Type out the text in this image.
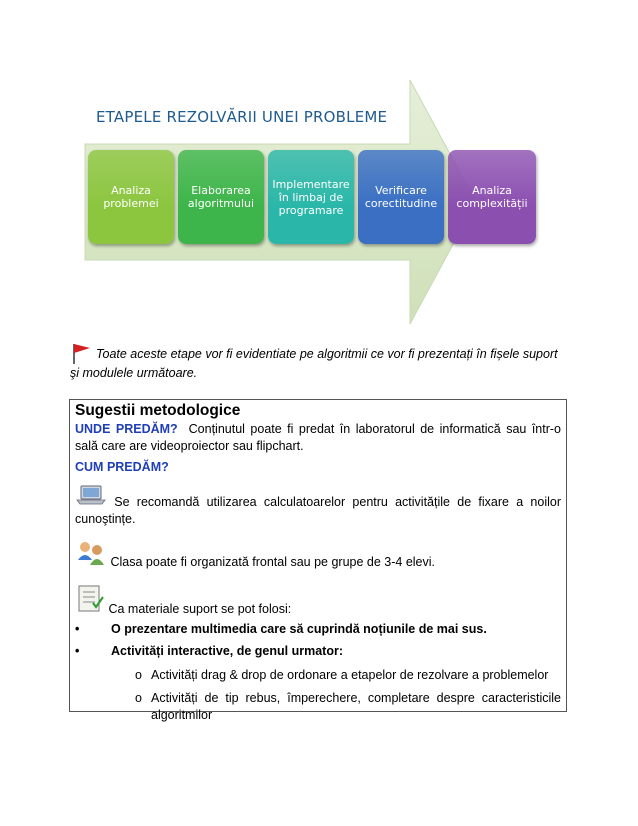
ETAPELE REZOLVĂRII UNEI PROBLEME
Analiza problemei
Elaborarea algoritmului
Implementare în limbaj de programare
Verificare corectitudine
Analiza complexității
Toate aceste etape vor fi evidentiate pe algoritmii ce vor fi prezentați în fișele suport şi modulele următoare.
Sugestii metodologice
UNDE PREDĂM? Conținutul poate fi predat în laboratorul de informatică sau într-o sală care are videoproiector sau flipchart.
CUM PREDĂM?
Se recomandă utilizarea calculatoarelor pentru activitățile de fixare a noilor cunoştințe.
Clasa poate fi organizată frontal sau pe grupe de 3-4 elevi.
Ca materiale suport se pot folosi:
• O prezentare multimedia care să cuprindă noțiunile de mai sus.
• Activități interactive, de genul urmator:
o Activități drag & drop de ordonare a etapelor de rezolvare a problemelor
o Activități de tip rebus, împerechere, completare despre caracteristicile algoritmilor
